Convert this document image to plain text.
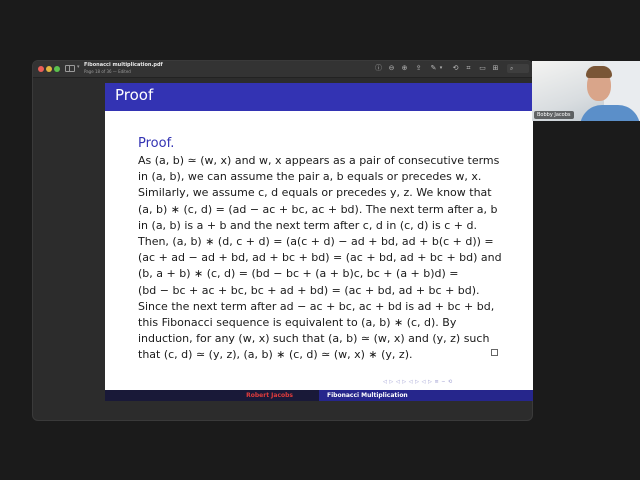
▾ Fibonacci multiplication.pdf
Page 18 of 36 — Edited	ⓘ ⊖ ⊕ ⇪ ✎ ▾ ⟲	⌗	▭ ⊞ ⌕
Proof
Proof.
As (a, b) ≃ (w, x) and w, x appears as a pair of consecutive terms
in (a, b), we can assume the pair a, b equals or precedes w, x.
Similarly, we assume c, d equals or precedes y, z. We know that
(a, b) ∗ (c, d) = (ad − ac + bc, ac + bd). The next term after a, b
in (a, b) is a + b and the next term after c, d in (c, d) is c + d.
Then, (a, b) ∗ (d, c + d) = (a(c + d) − ad + bd, ad + b(c + d)) =
(ac + ad − ad + bd, ad + bc + bd) = (ac + bd, ad + bc + bd) and
(b, a + b) ∗ (c, d) = (bd − bc + (a + b)c, bc + (a + b)d) =
(bd − bc + ac + bc, bc + ad + bd) = (ac + bd, ad + bc + bd).
Since the next term after ad − ac + bc, ac + bd is ad + bc + bd,
this Fibonacci sequence is equivalent to (a, b) ∗ (c, d). By
induction, for any (w, x) such that (a, b) ≃ (w, x) and (y, z) such
that (c, d) ≃ (y, z), (a, b) ∗ (c, d) ≃ (w, x) ∗ (y, z).
◁ ▷ ◁ ▷ ◁ ▷ ◁ ▷ ≡ ∽ ⟲
Robert Jacobs	Fibonacci Multiplication
Bobby Jacobs
